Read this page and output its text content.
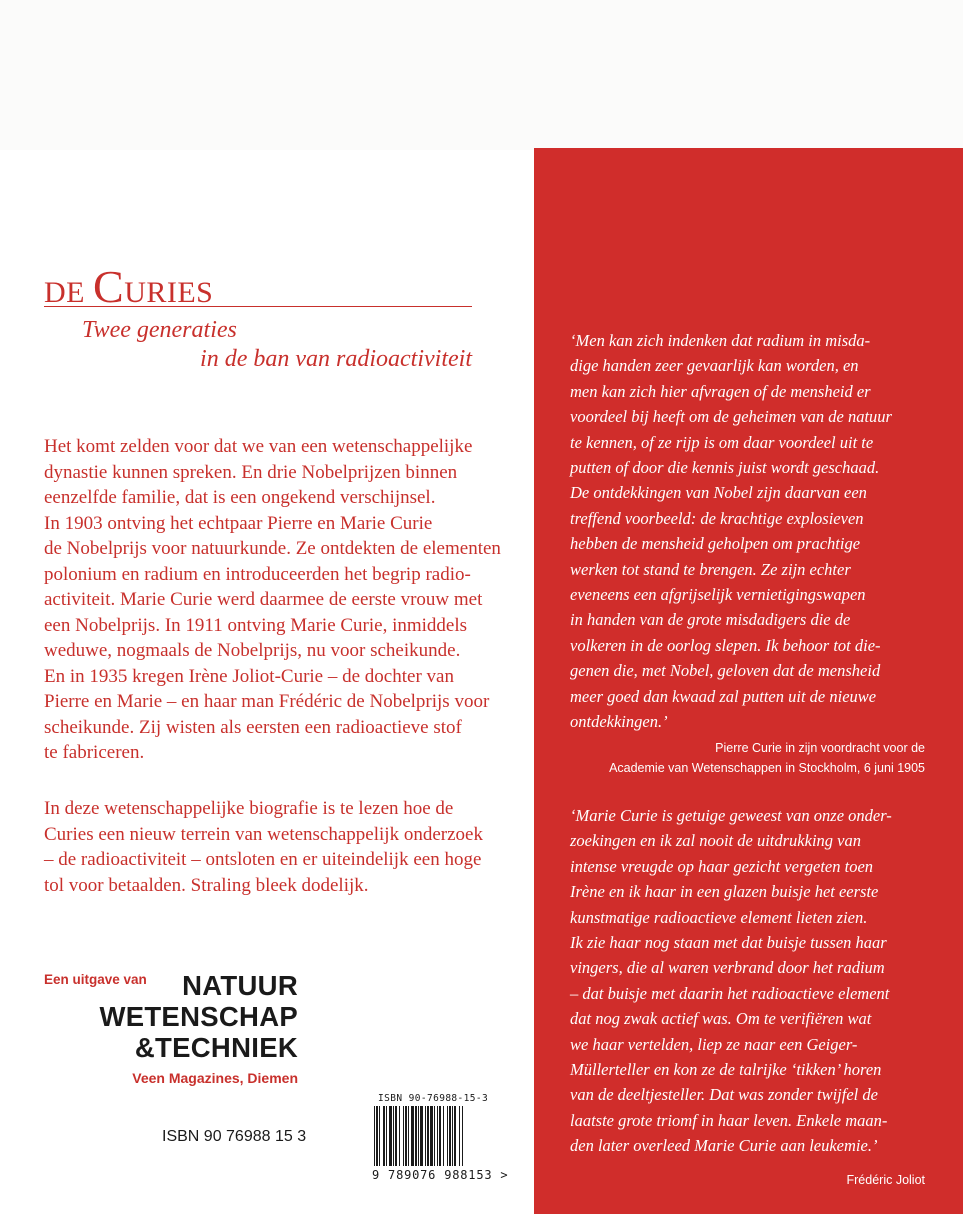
DE CURIES
Twee generaties
in de ban van radioactiviteit
Het komt zelden voor dat we van een wetenschappelijke
dynastie kunnen spreken. En drie Nobelprijzen binnen
eenzelfde familie, dat is een ongekend verschijnsel.
In 1903 ontving het echtpaar Pierre en Marie Curie
de Nobelprijs voor natuurkunde. Ze ontdekten de elementen
polonium en radium en introduceerden het begrip radio-
activiteit. Marie Curie werd daarmee de eerste vrouw met
een Nobelprijs. In 1911 ontving Marie Curie, inmiddels
weduwe, nogmaals de Nobelprijs, nu voor scheikunde.
En in 1935 kregen Irène Joliot-Curie – de dochter van
Pierre en Marie – en haar man Frédéric de Nobelprijs voor
scheikunde. Zij wisten als eersten een radioactieve stof
te fabriceren.
In deze wetenschappelijke biografie is te lezen hoe de
Curies een nieuw terrein van wetenschappelijk onderzoek
– de radioactiviteit – ontsloten en er uiteindelijk een hoge
tol voor betaalden. Straling bleek dodelijk.
Een uitgave van	NATUUR
WETENSCHAP
&TECHNIEK
Veen Magazines, Diemen
ISBN 90 76988 15 3
ISBN 90-76988-15-3
9 789076 988153 >
‘Men kan zich indenken dat radium in misda-
dige handen zeer gevaarlijk kan worden, en
men kan zich hier afvragen of de mensheid er
voordeel bij heeft om de geheimen van de natuur
te kennen, of ze rijp is om daar voordeel uit te
putten of door die kennis juist wordt geschaad.
De ontdekkingen van Nobel zijn daarvan een
treffend voorbeeld: de krachtige explosieven
hebben de mensheid geholpen om prachtige
werken tot stand te brengen. Ze zijn echter
eveneens een afgrijselijk vernietigingswapen
in handen van de grote misdadigers die de
volkeren in de oorlog slepen. Ik behoor tot die-
genen die, met Nobel, geloven dat de mensheid
meer goed dan kwaad zal putten uit de nieuwe
ontdekkingen.’
Pierre Curie in zijn voordracht voor de
Academie van Wetenschappen in Stockholm, 6 juni 1905
‘Marie Curie is getuige geweest van onze onder-
zoekingen en ik zal nooit de uitdrukking van
intense vreugde op haar gezicht vergeten toen
Irène en ik haar in een glazen buisje het eerste
kunstmatige radioactieve element lieten zien.
Ik zie haar nog staan met dat buisje tussen haar
vingers, die al waren verbrand door het radium
– dat buisje met daarin het radioactieve element
dat nog zwak actief was. Om te verifiëren wat
we haar vertelden, liep ze naar een Geiger-
Müllerteller en kon ze de talrijke ‘tikken’ horen
van de deeltjesteller. Dat was zonder twijfel de
laatste grote triomf in haar leven. Enkele maan-
den later overleed Marie Curie aan leukemie.’
Frédéric Joliot
